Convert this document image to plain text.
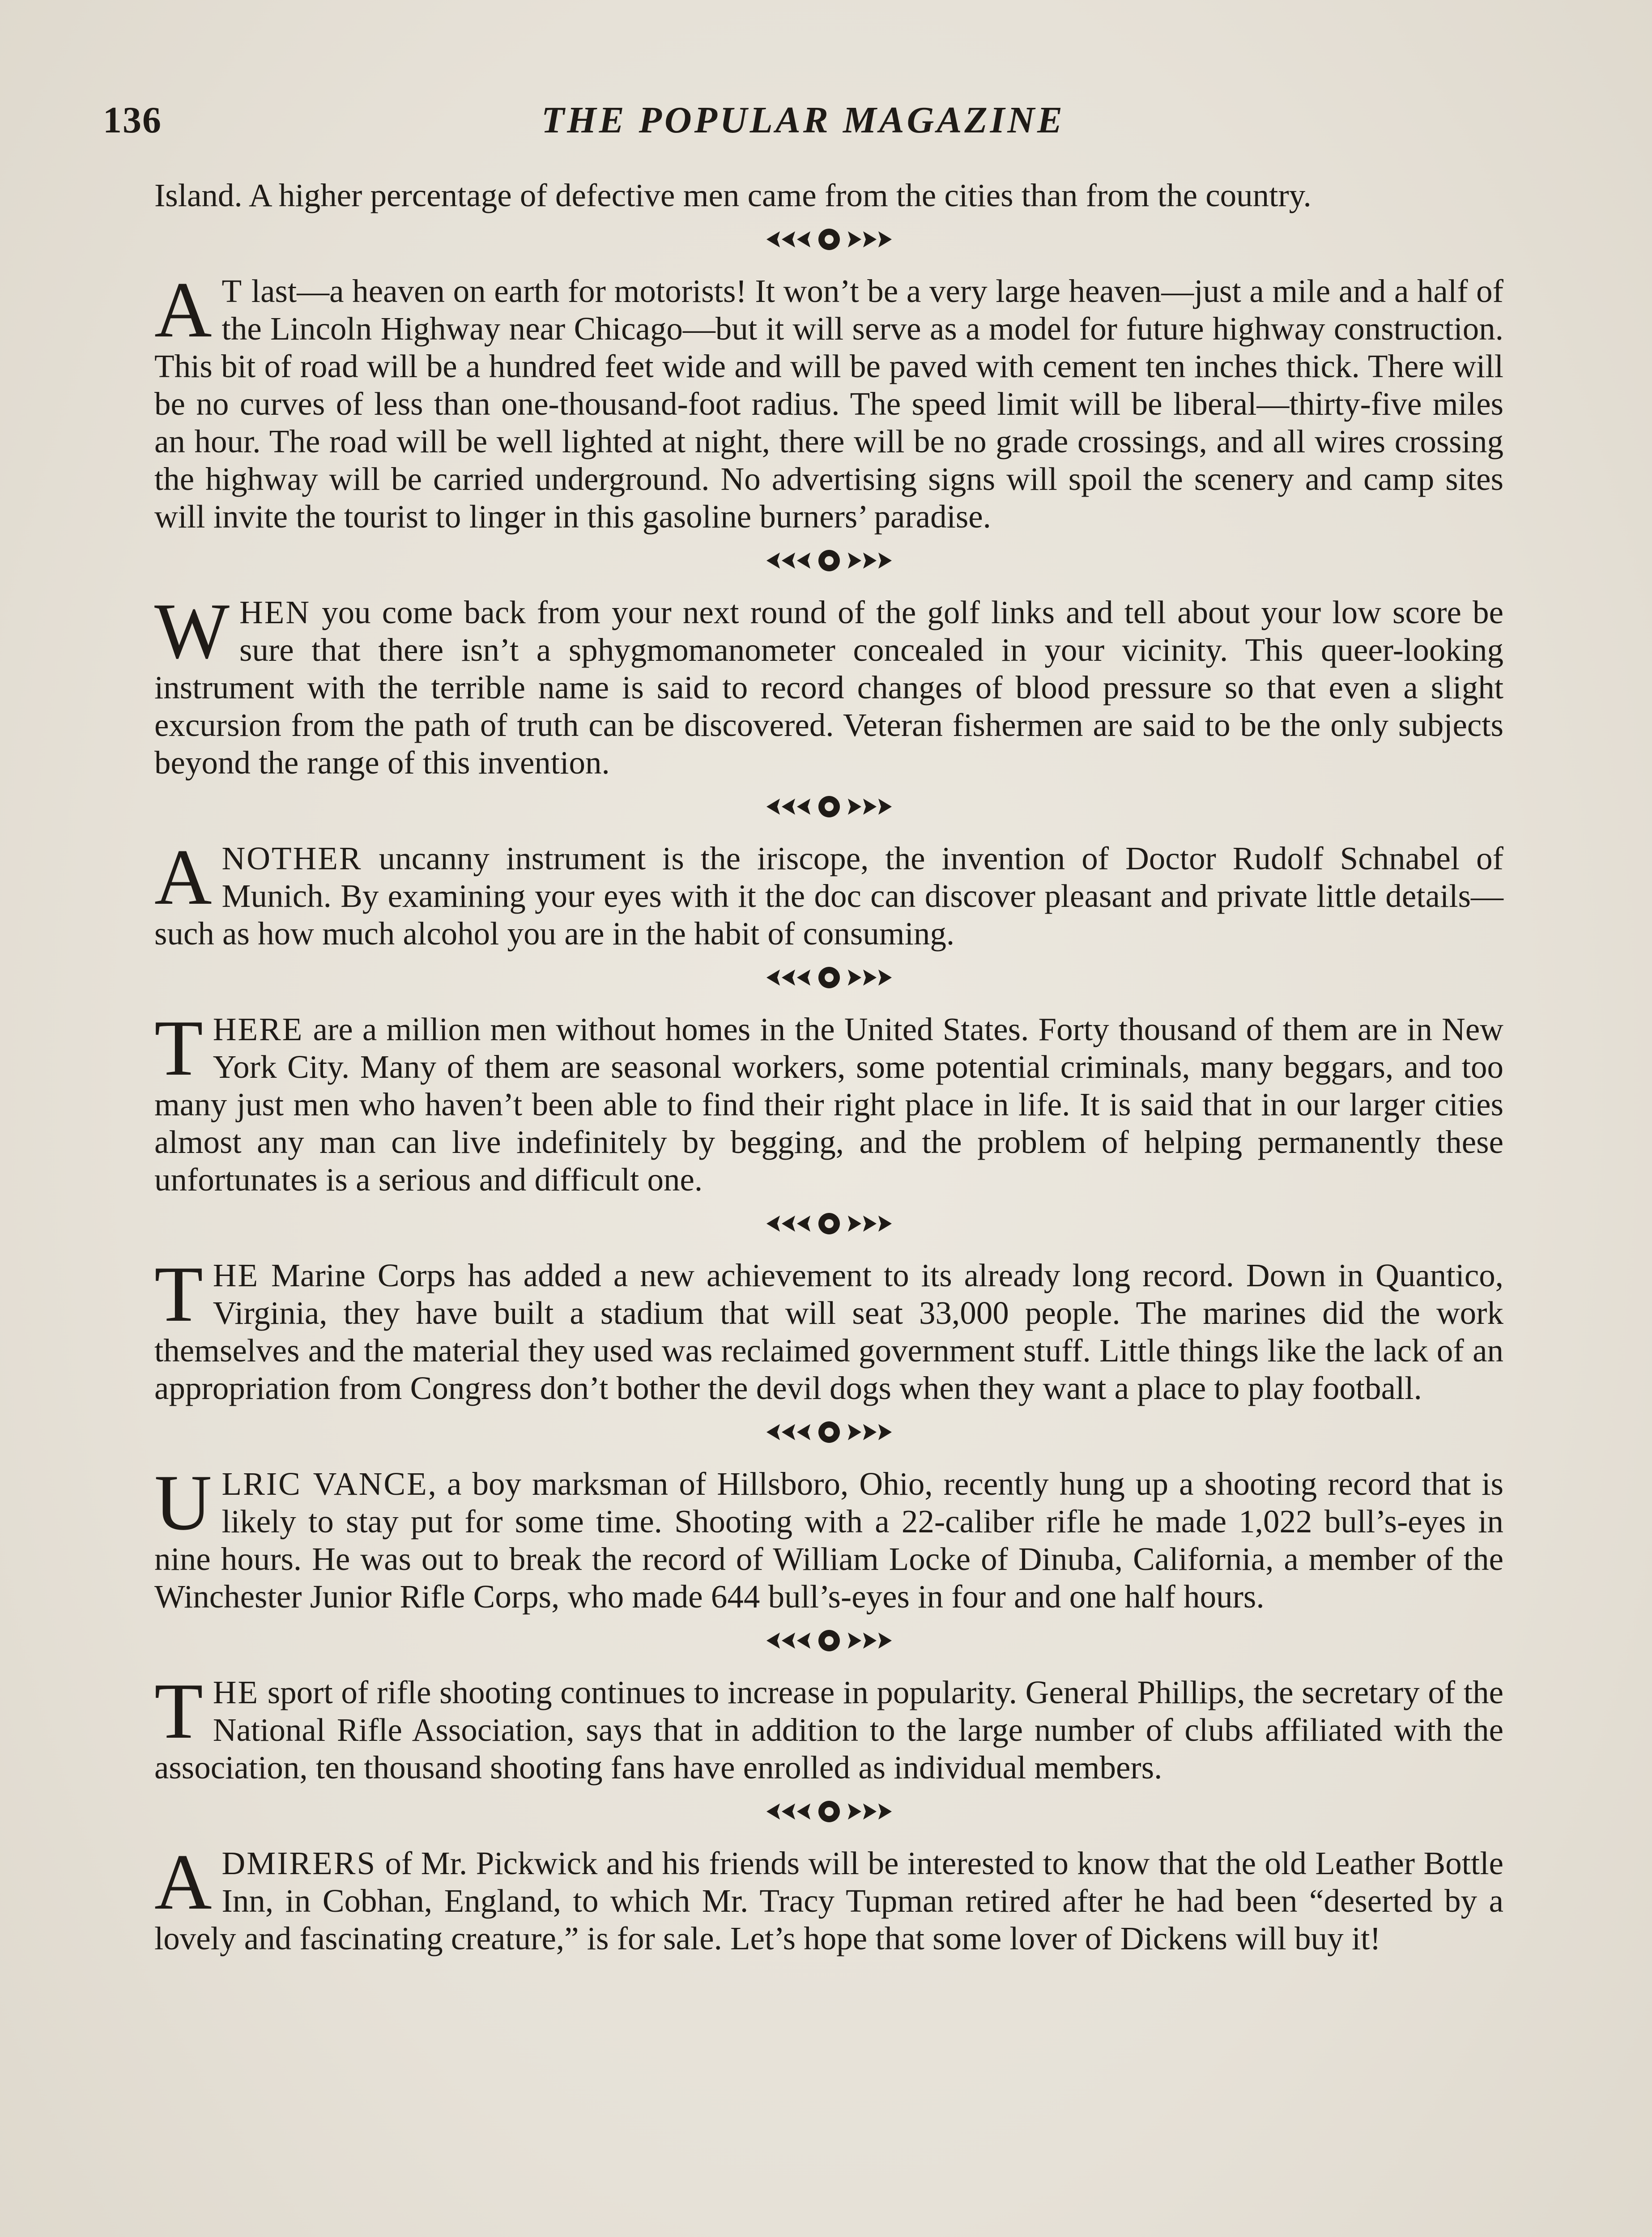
136	THE POPULAR MAGAZINE

Island. A higher percentage of defective men came from the cities than from the country.

A T last—a heaven on earth for motorists! It won’t be a very large heaven—just a mile and a half of the Lincoln Highway near Chicago—but it will serve as a model for future highway construction. This bit of road will be a hundred feet wide and will be paved with cement ten inches thick. There will be no curves of less than one-thousand-foot radius. The speed limit will be liberal—thirty-five miles an hour. The road will be well lighted at night, there will be no grade crossings, and all wires crossing the highway will be carried underground. No advertising signs will spoil the scenery and camp sites will invite the tourist to linger in this gasoline burners’ paradise.

WHEN you come back from your next round of the golf links and tell about your low score be sure that there isn’t a sphygmomanometer concealed in your vicinity. This queer-looking instrument with the terrible name is said to record changes of blood pressure so that even a slight excursion from the path of truth can be discovered. Veteran fishermen are said to be the only subjects beyond the range of this invention.

ANOTHER uncanny instrument is the iriscope, the invention of Doctor Rudolf Schnabel of Munich. By examining your eyes with it the doc can discover pleasant and private little details—such as how much alcohol you are in the habit of consuming.

THERE are a million men without homes in the United States. Forty thousand of them are in New York City. Many of them are seasonal workers, some potential criminals, many beggars, and too many just men who haven’t been able to find their right place in life. It is said that in our larger cities almost any man can live indefinitely by begging, and the problem of helping permanently these unfortunates is a serious and difficult one.

THE Marine Corps has added a new achievement to its already long record. Down in Quantico, Virginia, they have built a stadium that will seat 33,000 people. The marines did the work themselves and the material they used was reclaimed government stuff. Little things like the lack of an appropriation from Congress don’t bother the devil dogs when they want a place to play football.

ULRIC VANCE, a boy marksman of Hillsboro, Ohio, recently hung up a shooting record that is likely to stay put for some time. Shooting with a 22-caliber rifle he made 1,022 bull’s-eyes in nine hours. He was out to break the record of William Locke of Dinuba, California, a member of the Winchester Junior Rifle Corps, who made 644 bull’s-eyes in four and one half hours.

THE sport of rifle shooting continues to increase in popularity. General Phillips, the secretary of the National Rifle Association, says that in addition to the large number of clubs affiliated with the association, ten thousand shooting fans have enrolled as individual members.

ADMIRERS of Mr. Pickwick and his friends will be interested to know that the old Leather Bottle Inn, in Cobhan, England, to which Mr. Tracy Tupman retired after he had been “deserted by a lovely and fascinating creature,” is for sale. Let’s hope that some lover of Dickens will buy it!
